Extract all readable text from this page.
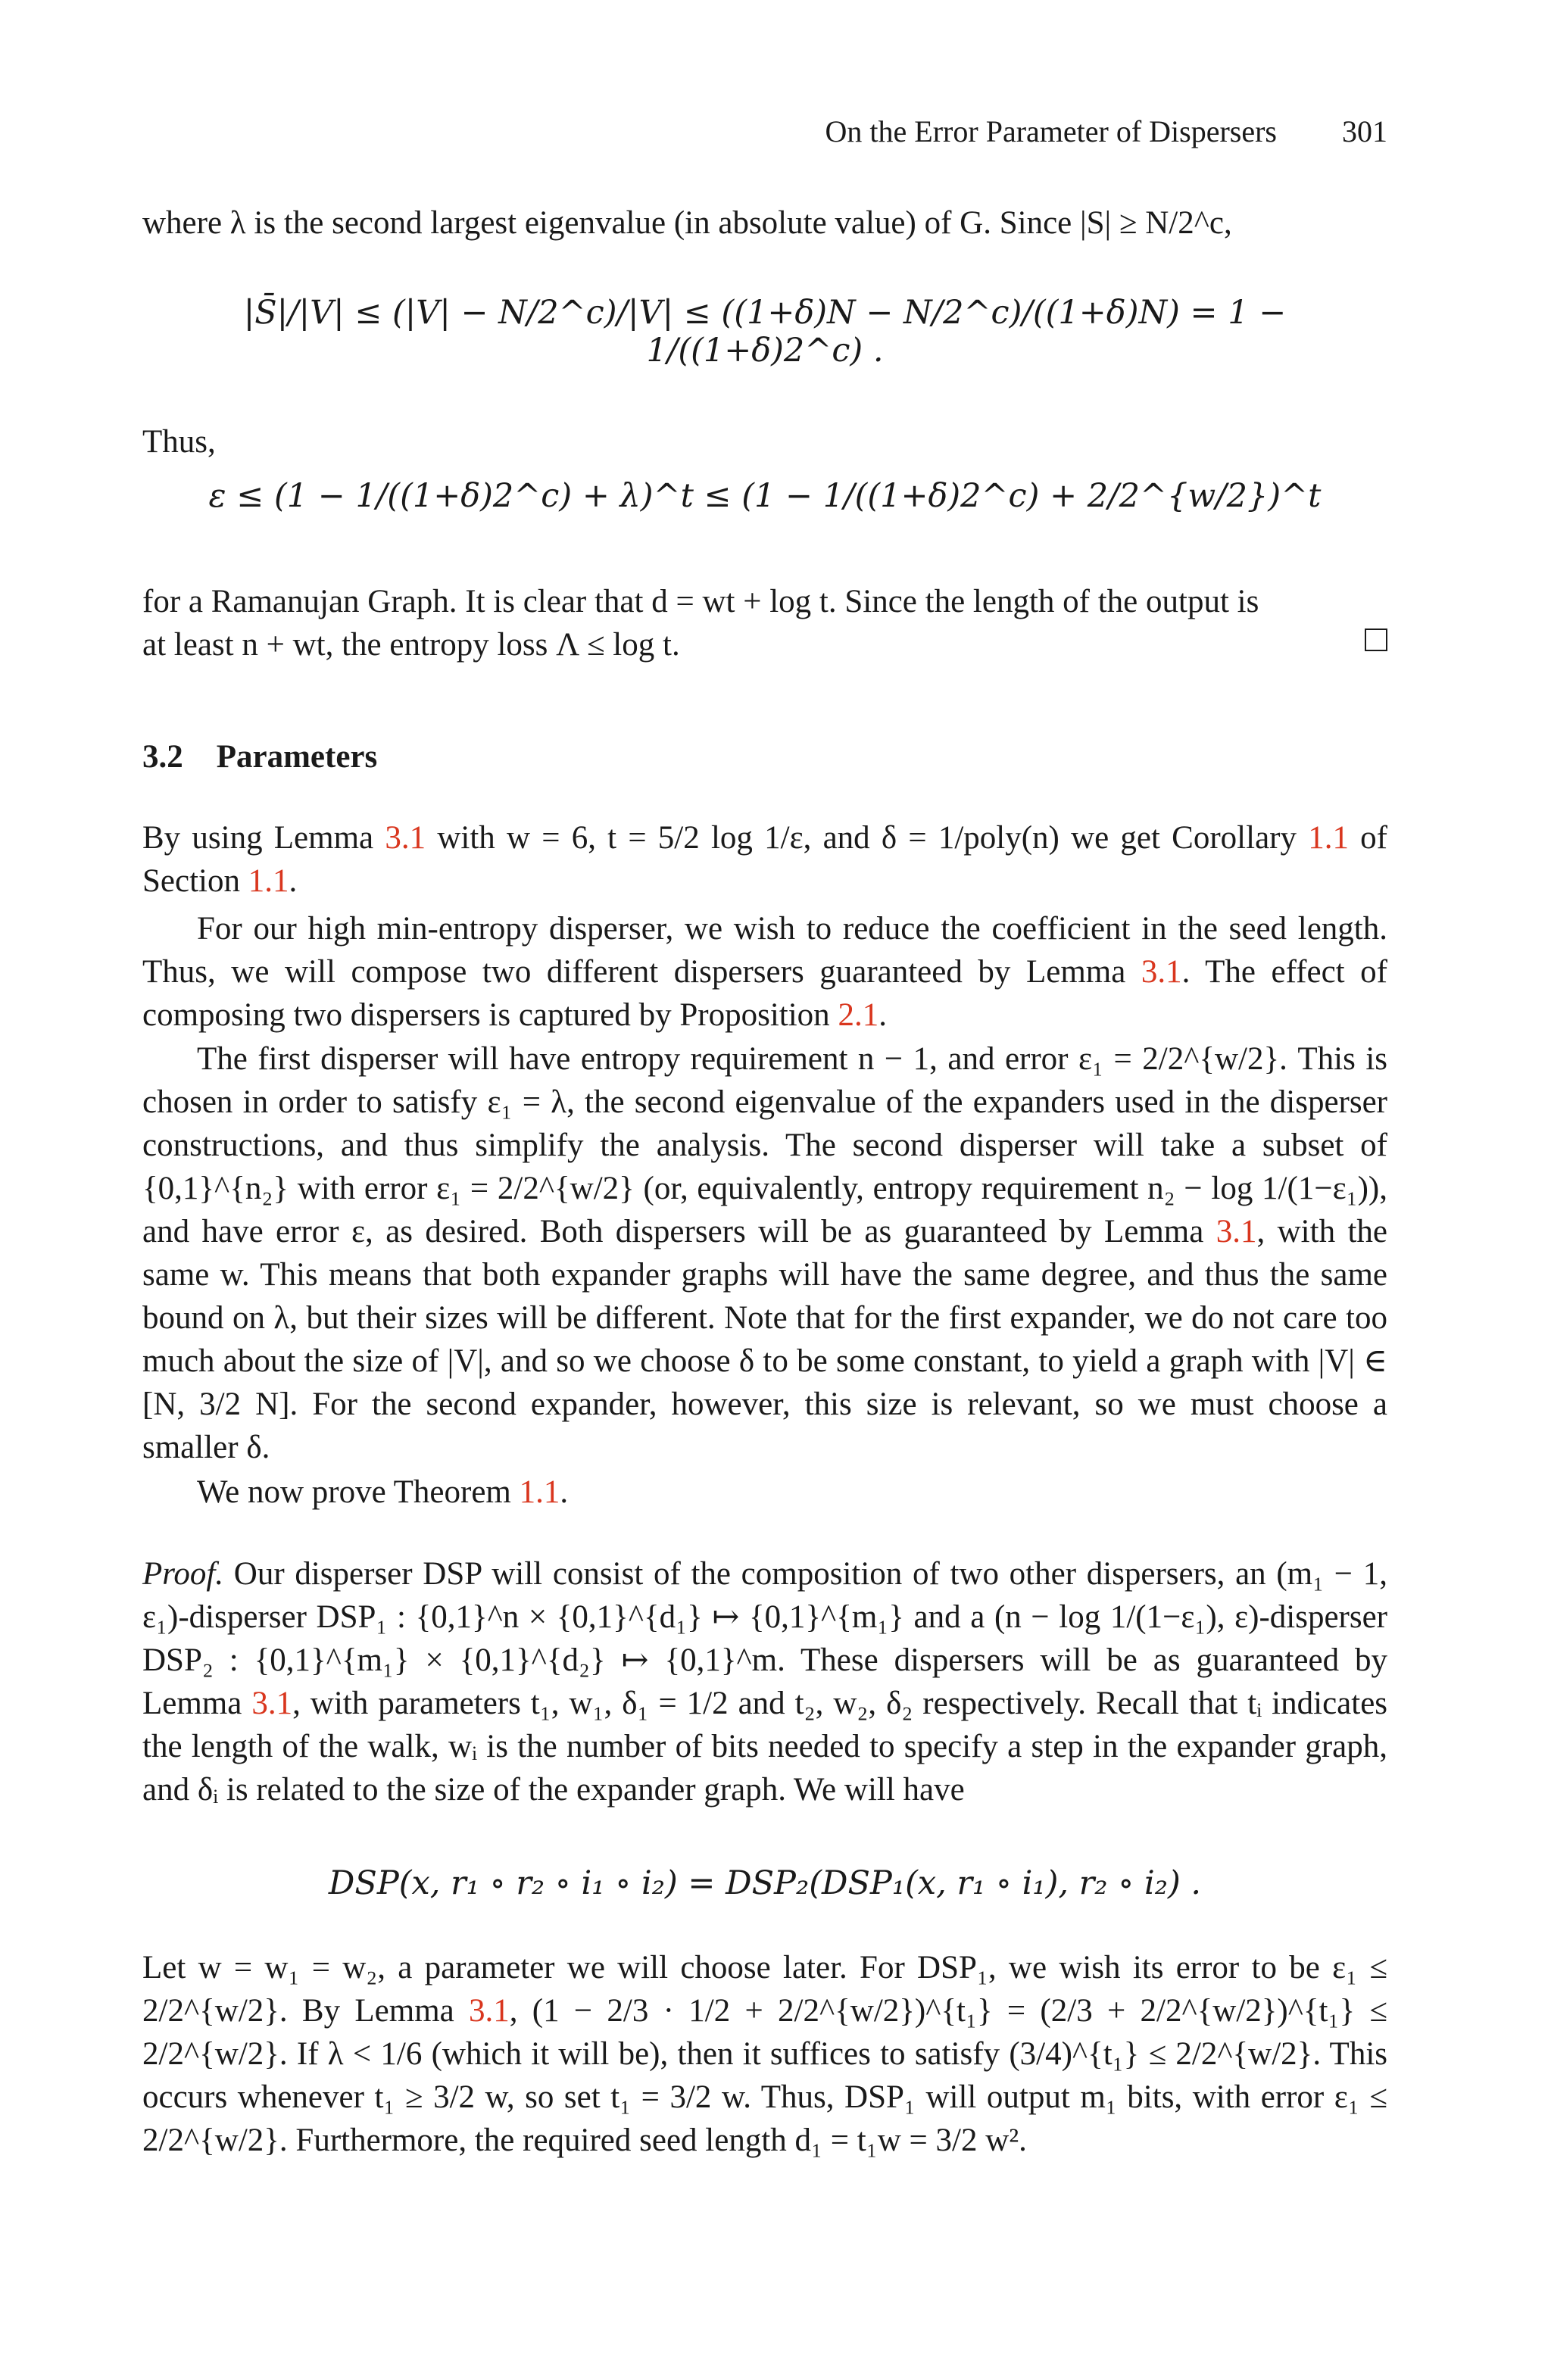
On the Error Parameter of Dispersers 301

where λ is the second largest eigenvalue (in absolute value) of G. Since |S| ≥ N/2^c,

|S̄|/|V| ≤ (|V| − N/2^c)/|V| ≤ ((1+δ)N − N/2^c)/((1+δ)N) = 1 − 1/((1+δ)2^c) .

Thus,

ε ≤ (1 − 1/((1+δ)2^c) + λ)^t ≤ (1 − 1/((1+δ)2^c) + 2/2^{w/2})^t

for a Ramanujan Graph. It is clear that d = wt + log t. Since the length of the output is

at least n + wt, the entropy loss Λ ≤ log t.

3.2 Parameters

By using Lemma 3.1 with w = 6, t = 5/2 log 1/ε, and δ = 1/poly(n) we get Corollary 1.1 of Section 1.1.

For our high min-entropy disperser, we wish to reduce the coefficient in the seed length. Thus, we will compose two different dispersers guaranteed by Lemma 3.1. The effect of composing two dispersers is captured by Proposition 2.1.

The first disperser will have entropy requirement n − 1, and error ε₁ = 2/2^{w/2}. This is chosen in order to satisfy ε₁ = λ, the second eigenvalue of the expanders used in the disperser constructions, and thus simplify the analysis. The second disperser will take a subset of {0,1}^{n₂} with error ε₁ = 2/2^{w/2} (or, equivalently, entropy requirement n₂ − log 1/(1−ε₁)), and have error ε, as desired. Both dispersers will be as guaranteed by Lemma 3.1, with the same w. This means that both expander graphs will have the same degree, and thus the same bound on λ, but their sizes will be different. Note that for the first expander, we do not care too much about the size of |V|, and so we choose δ to be some constant, to yield a graph with |V| ∈ [N, 3/2 N]. For the second expander, however, this size is relevant, so we must choose a smaller δ.

We now prove Theorem 1.1.

Proof. Our disperser DSP will consist of the composition of two other dispersers, an (m₁ − 1, ε₁)-disperser DSP₁ : {0,1}^n × {0,1}^{d₁} ↦ {0,1}^{m₁} and a (n − log 1/(1−ε₁), ε)-disperser DSP₂ : {0,1}^{m₁} × {0,1}^{d₂} ↦ {0,1}^m. These dispersers will be as guaranteed by Lemma 3.1, with parameters t₁, w₁, δ₁ = 1/2 and t₂, w₂, δ₂ respectively. Recall that tᵢ indicates the length of the walk, wᵢ is the number of bits needed to specify a step in the expander graph, and δᵢ is related to the size of the expander graph. We will have

DSP(x, r₁ ∘ r₂ ∘ i₁ ∘ i₂) = DSP₂(DSP₁(x, r₁ ∘ i₁), r₂ ∘ i₂) .

Let w = w₁ = w₂, a parameter we will choose later. For DSP₁, we wish its error to be ε₁ ≤ 2/2^{w/2}. By Lemma 3.1, (1 − 2/3 · 1/2 + 2/2^{w/2})^{t₁} = (2/3 + 2/2^{w/2})^{t₁} ≤ 2/2^{w/2}. If λ < 1/6 (which it will be), then it suffices to satisfy (3/4)^{t₁} ≤ 2/2^{w/2}. This occurs whenever t₁ ≥ 3/2 w, so set t₁ = 3/2 w. Thus, DSP₁ will output m₁ bits, with error ε₁ ≤ 2/2^{w/2}. Furthermore, the required seed length d₁ = t₁w = 3/2 w².
